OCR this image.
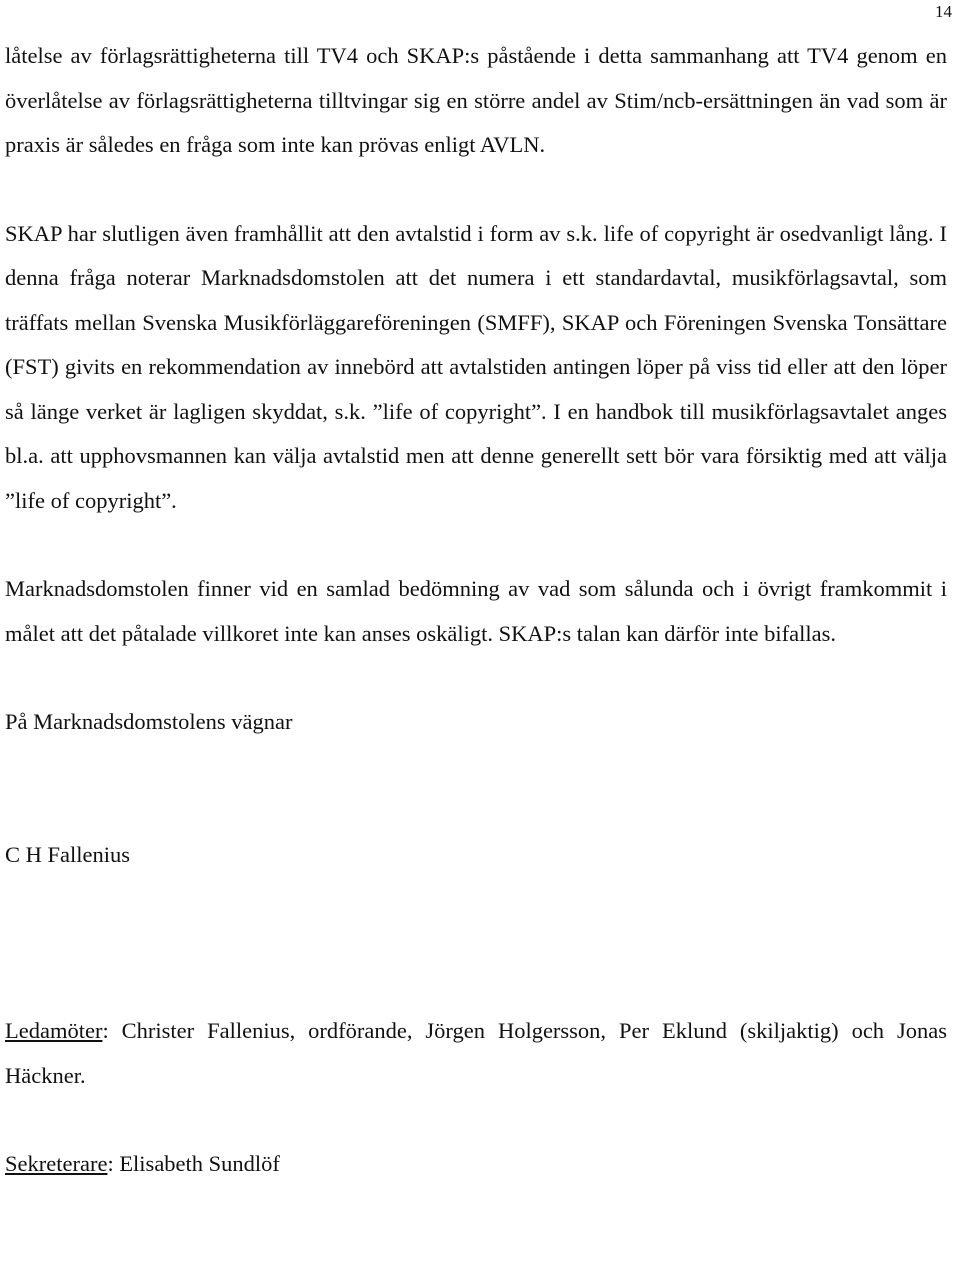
14

låtelse av förlagsrättigheterna till TV4 och SKAP:s påstående i detta sammanhang att TV4 genom en överlåtelse av förlagsrättigheterna tilltvingar sig en större andel av Stim/ncb-ersättningen än vad som är praxis är således en fråga som inte kan prövas enligt AVLN.

SKAP har slutligen även framhållit att den avtalstid i form av s.k. life of copyright är osedvanligt lång. I denna fråga noterar Marknadsdomstolen att det numera i ett standardavtal, musikförlagsavtal, som träffats mellan Svenska Musikförläggareföreningen (SMFF), SKAP och Föreningen Svenska Tonsättare (FST) givits en rekommendation av innebörd att avtalstiden antingen löper på viss tid eller att den löper så länge verket är lagligen skyddat, s.k. ”life of copyright”. I en handbok till musikförlagsavtalet anges bl.a. att upphovsmannen kan välja avtalstid men att denne generellt sett bör vara försiktig med att välja ”life of copyright”.

Marknadsdomstolen finner vid en samlad bedömning av vad som sålunda och i övrigt framkommit i målet att det påtalade villkoret inte kan anses oskäligt. SKAP:s talan kan därför inte bifallas.

På Marknadsdomstolens vägnar

C H Fallenius

Ledamöter: Christer Fallenius, ordförande, Jörgen Holgersson, Per Eklund (skiljaktig) och Jonas Häckner.

Sekreterare: Elisabeth Sundlöf
